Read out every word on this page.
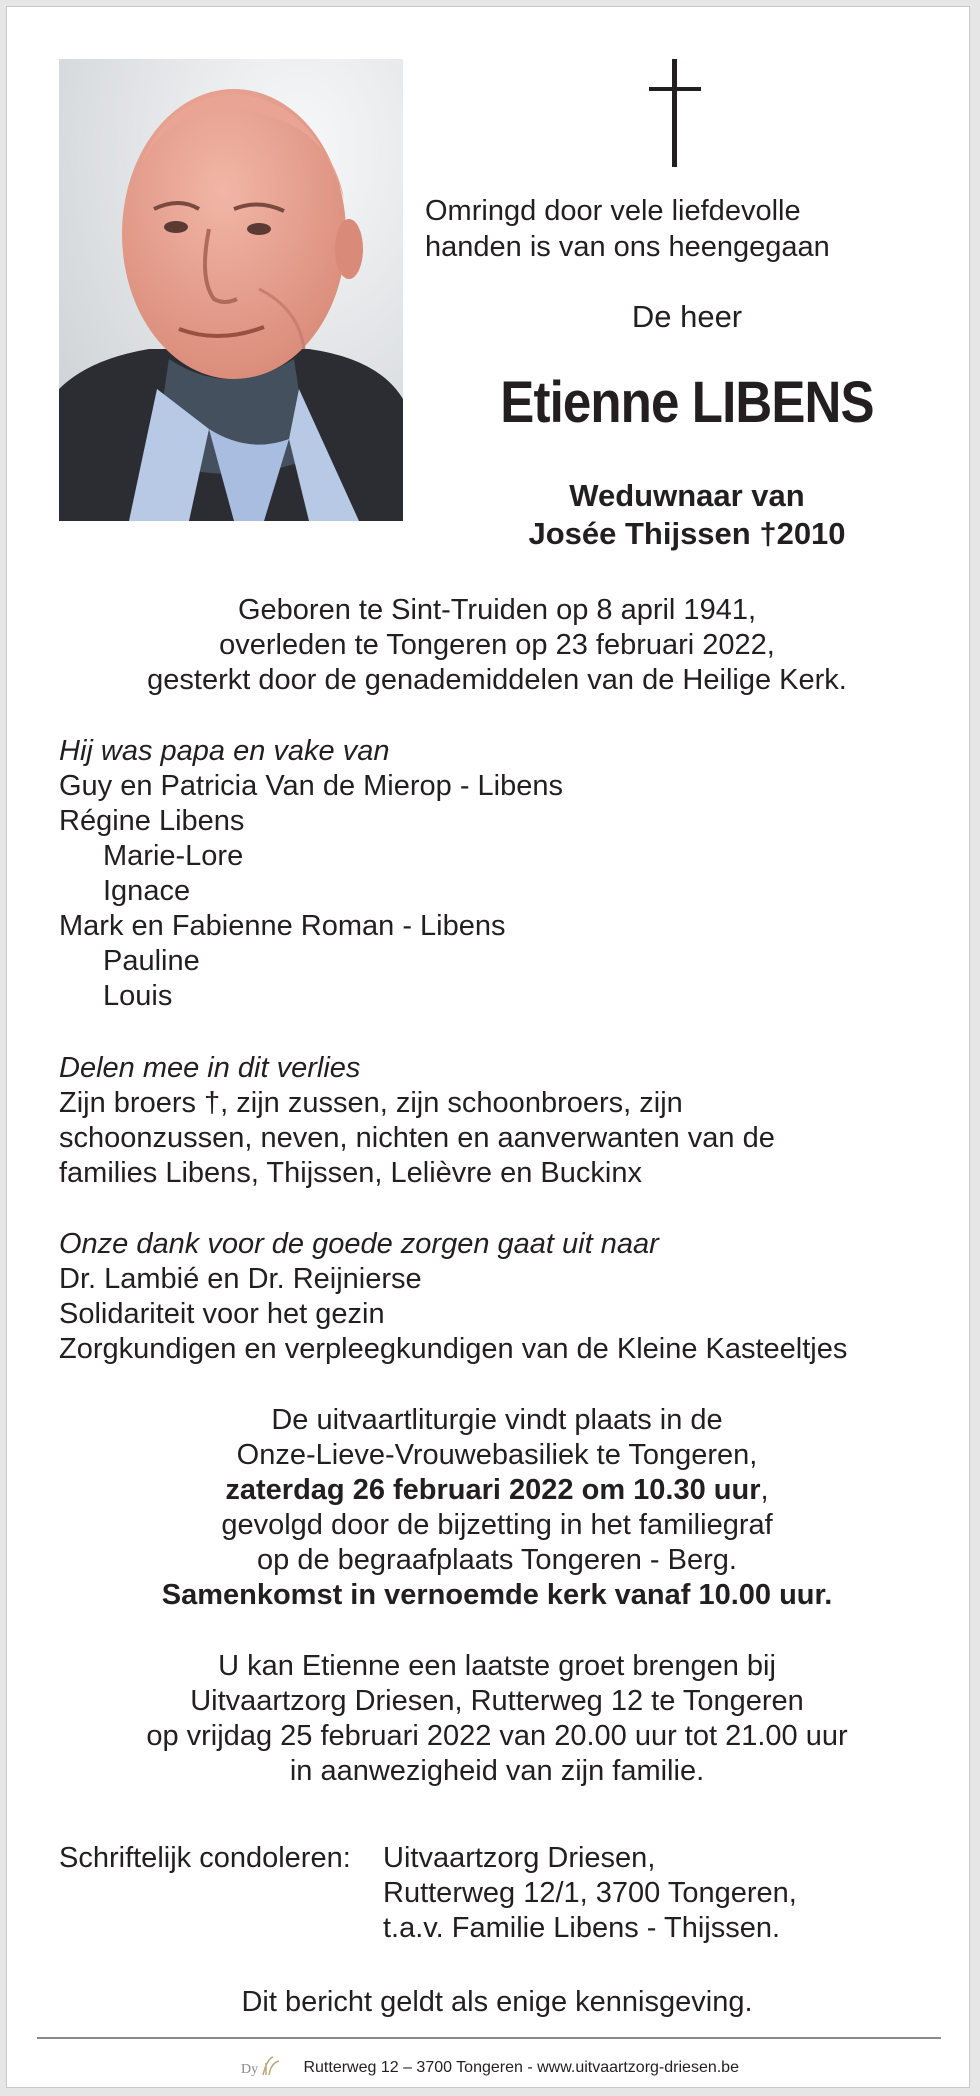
Omringd door vele liefdevolle
handen is van ons heengegaan
De heer
Etienne LIBENS
Weduwnaar van
Josée Thijssen †2010
Geboren te Sint-Truiden op 8 april 1941,
overleden te Tongeren op 23 februari 2022,
gesterkt door de genademiddelen van de Heilige Kerk.
Hij was papa en vake van
Guy en Patricia Van de Mierop - Libens
Régine Libens
Marie-Lore
Ignace
Mark en Fabienne Roman - Libens
Pauline
Louis
Delen mee in dit verlies
Zijn broers †, zijn zussen, zijn schoonbroers, zijn
schoonzussen, neven, nichten en aanverwanten van de
families Libens, Thijssen, Lelièvre en Buckinx
Onze dank voor de goede zorgen gaat uit naar
Dr. Lambié en Dr. Reijnierse
Solidariteit voor het gezin
Zorgkundigen en verpleegkundigen van de Kleine Kasteeltjes
De uitvaartliturgie vindt plaats in de
Onze-Lieve-Vrouwebasiliek te Tongeren,
zaterdag 26 februari 2022 om 10.30 uur,
gevolgd door de bijzetting in het familiegraf
op de begraafplaats Tongeren - Berg.
Samenkomst in vernoemde kerk vanaf 10.00 uur.
U kan Etienne een laatste groet brengen bij
Uitvaartzorg Driesen, Rutterweg 12 te Tongeren
op vrijdag 25 februari 2022 van 20.00 uur tot 21.00 uur
in aanwezigheid van zijn familie.
Schriftelijk condoleren: Uitvaartzorg Driesen,
Rutterweg 12/1, 3700 Tongeren,
t.a.v. Familie Libens - Thijssen.
Dit bericht geldt als enige kennisgeving.
Dy	Rutterweg 12 – 3700 Tongeren - www.uitvaartzorg-driesen.be
